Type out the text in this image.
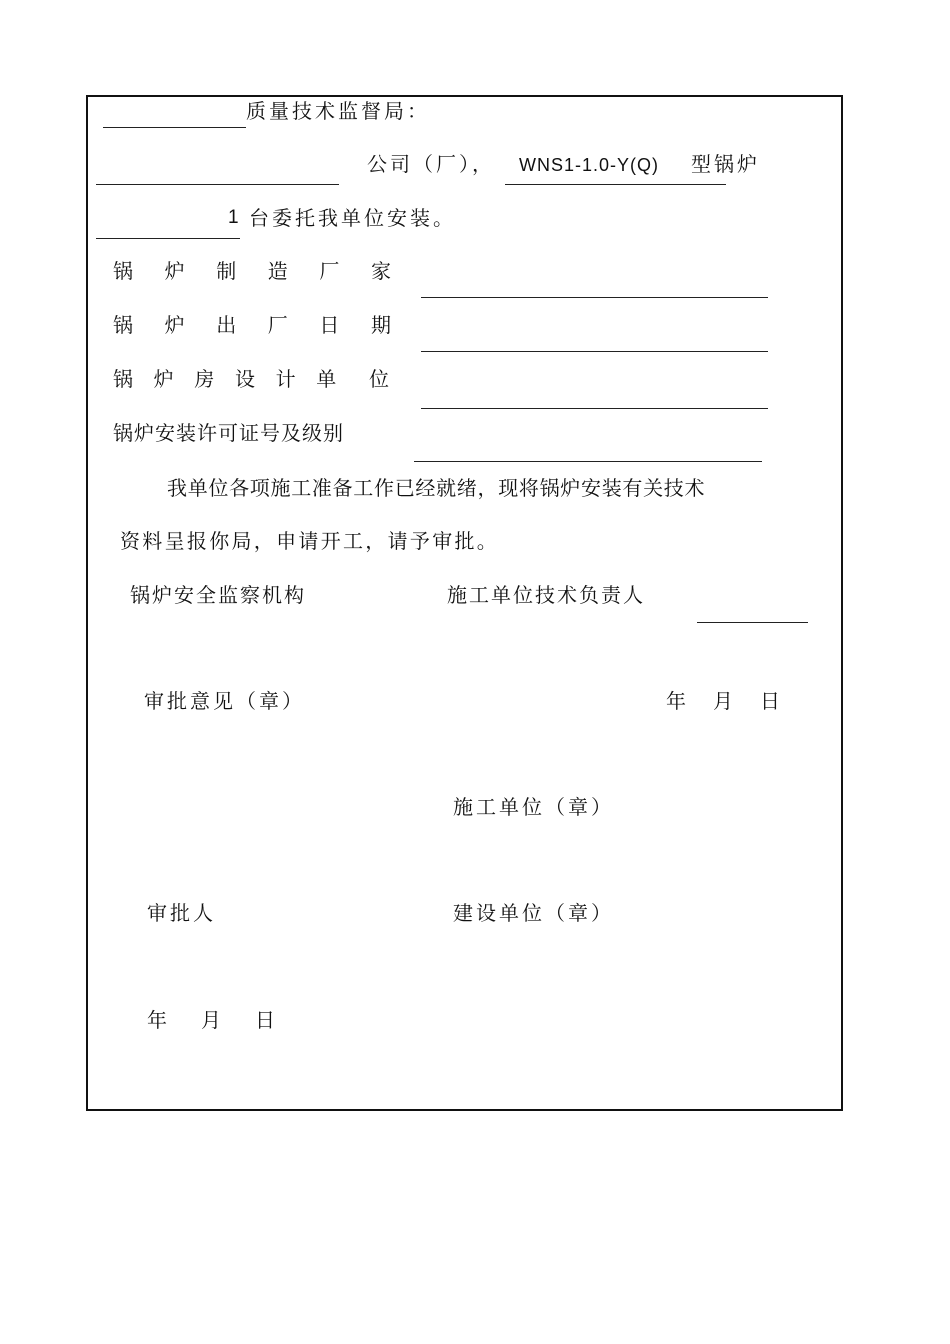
质量技术监督局：
公司（厂）， WNS1-1.0-Y(Q) 型锅炉
1 台委托我单位安装。
锅 炉 制 造 厂 家
锅 炉 出 厂 日 期
锅 炉 房 设 计 单 位
锅炉安装许可证号及级别
我单位各项施工准备工作已经就绪，现将锅炉安装有关技术
资料呈报你局，申请开工，请予审批。
锅炉安全监察机构	施工单位技术负责人
审批意见（章）	年 月 日
施工单位（章）
审批人	建设单位（章）
年 月 日
